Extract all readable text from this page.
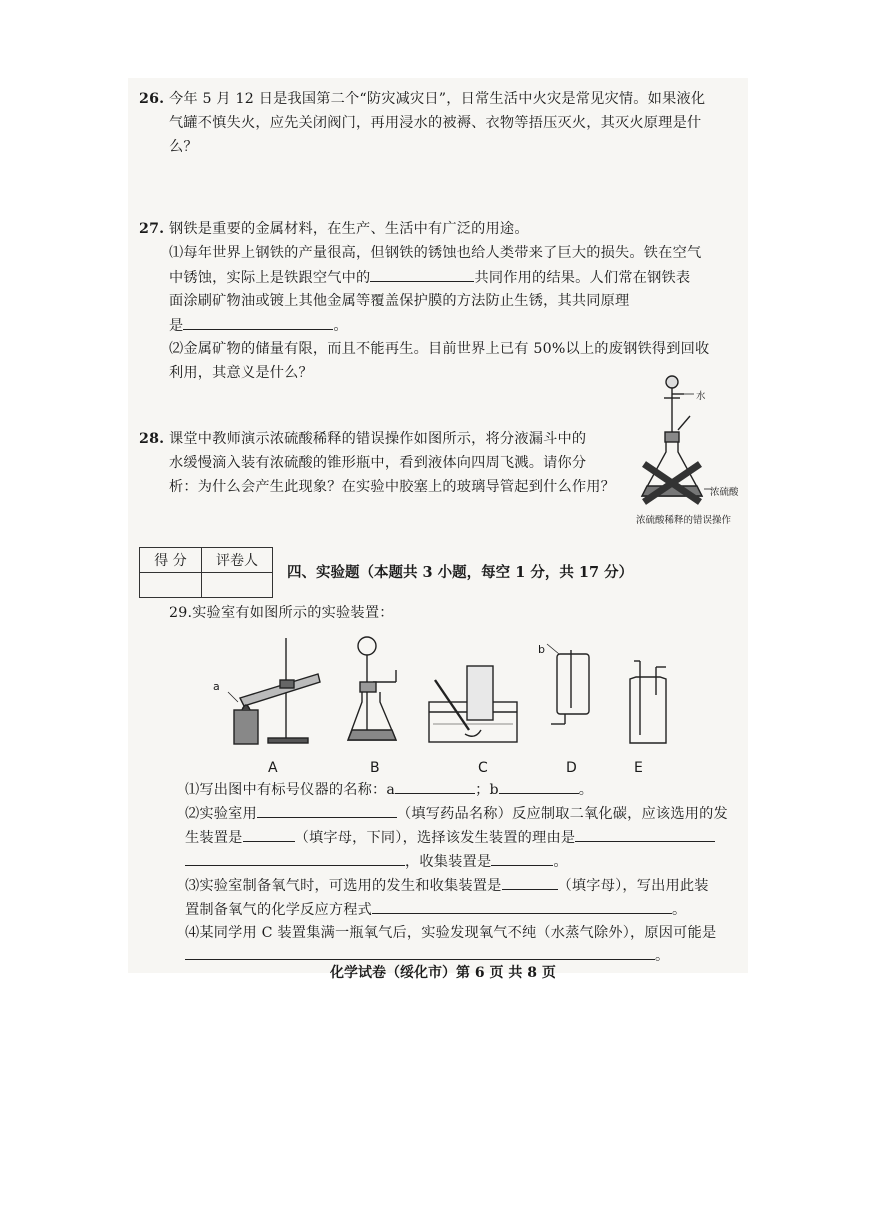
26. 今年 5 月 12 日是我国第二个“防灾减灾日”，日常生活中火灾是常见灾情。如果液化
气罐不慎失火，应先关闭阀门，再用浸水的被褥、衣物等捂压灭火，其灭火原理是什
么？
27. 钢铁是重要的金属材料，在生产、生活中有广泛的用途。
⑴每年世界上钢铁的产量很高，但钢铁的锈蚀也给人类带来了巨大的损失。铁在空气
中锈蚀，实际上是铁跟空气中的	共同作用的结果。人们常在钢铁表
面涂刷矿物油或镀上其他金属等覆盖保护膜的方法防止生锈，其共同原理
是	。
⑵金属矿物的储量有限，而且不能再生。目前世界上已有 50%以上的废钢铁得到回收
利用，其意义是什么？
28. 课堂中教师演示浓硫酸稀释的错误操作如图所示，将分液漏斗中的
水缓慢滴入装有浓硫酸的锥形瓶中，看到液体向四周飞溅。请你分
析：为什么会产生此现象？在实验中胶塞上的玻璃导管起到什么作用？
水
浓硫酸
浓硫酸稀释的错误操作
得 分	评卷人

四、实验题（本题共 3 小题，每空 1 分，共 17 分）
29.实验室有如图所示的实验装置：
a
b
A	B	C	D	E
⑴写出图中有标号仪器的名称：a	；b	。
⑵实验室用	（填写药品名称）反应制取二氧化碳，应该选用的发
生装置是	（填字母，下同），选择该发生装置的理由是
，收集装置是	。
⑶实验室制备氧气时，可选用的发生和收集装置是	（填字母），写出用此装
置制备氧气的化学反应方程式	。
⑷某同学用 C 装置集满一瓶氧气后，实验发现氧气不纯（水蒸气除外），原因可能是
。
化学试卷（绥化市）第 6 页 共 8 页
